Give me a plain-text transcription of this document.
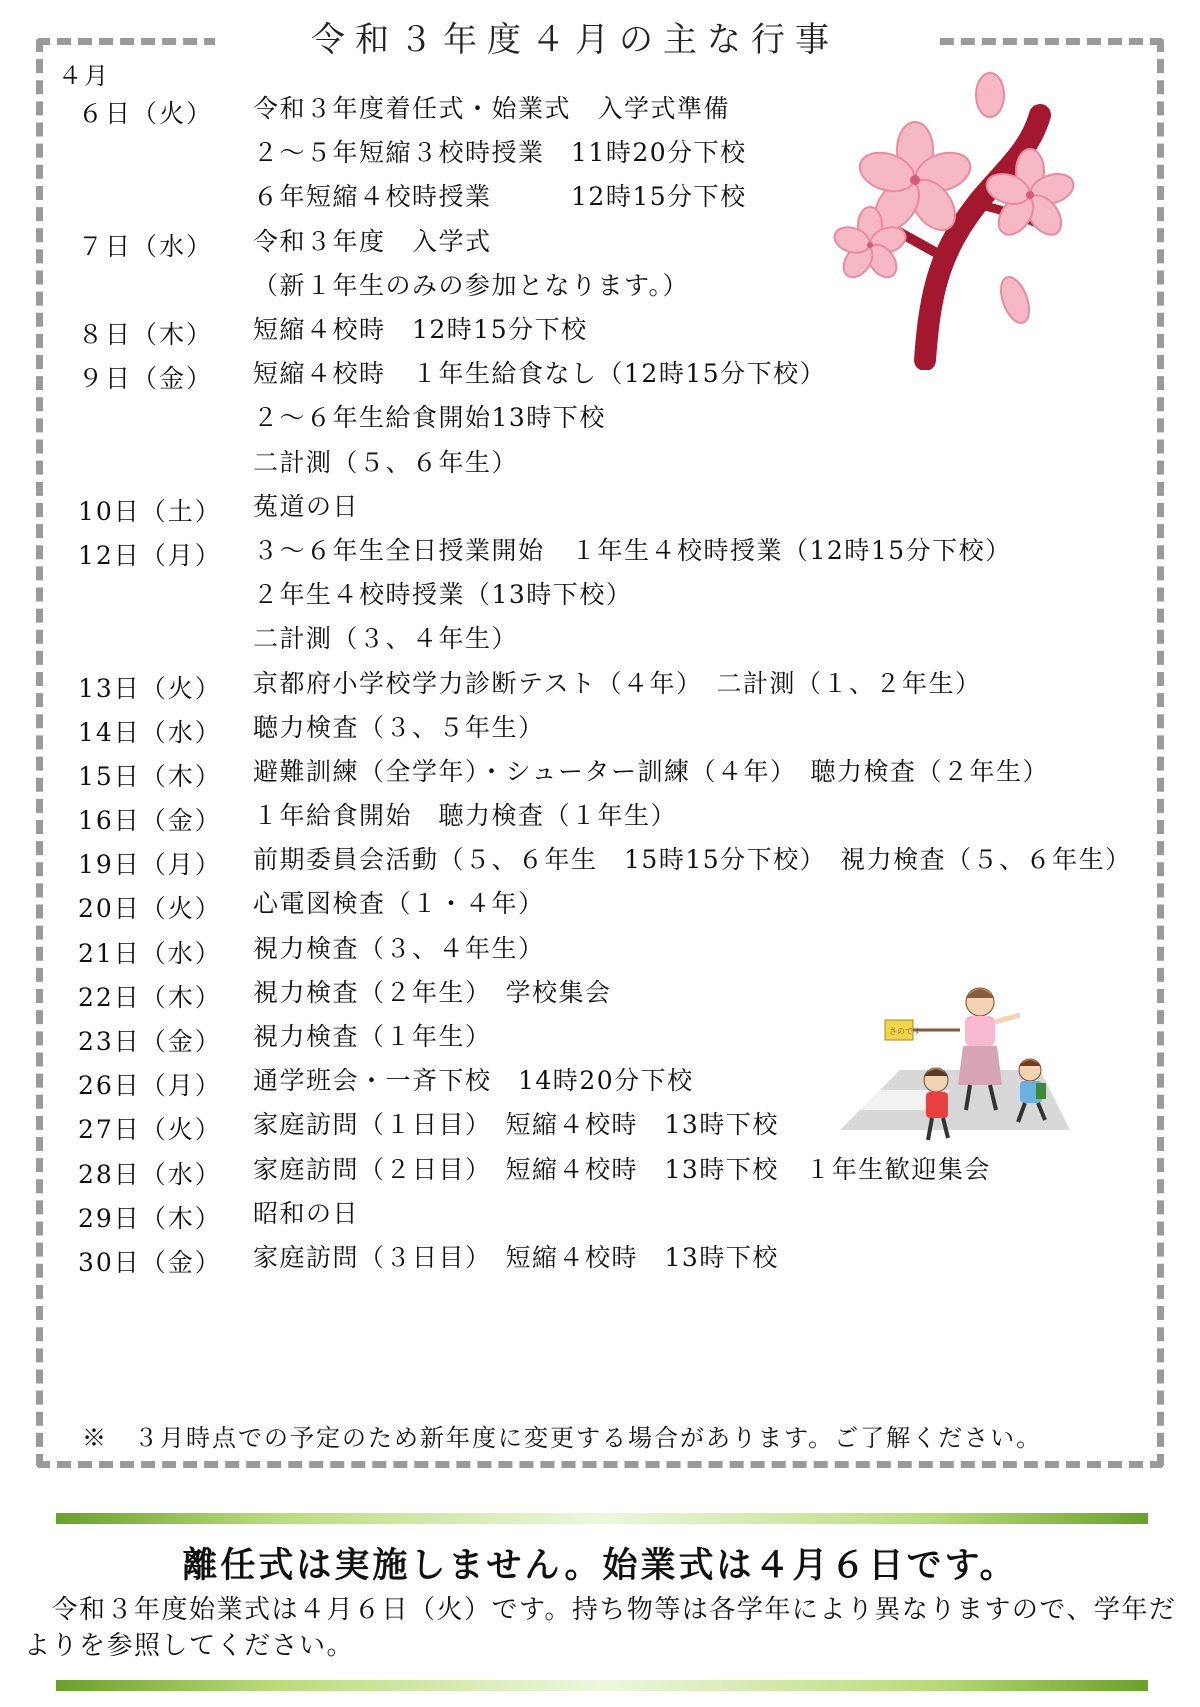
令和３年度４月の主な行事
４月
６日（火） 令和３年度着任式・始業式　入学式準備
２～５年短縮３校時授業　11時20分下校
６年短縮４校時授業　　　12時15分下校
７日（水） 令和３年度　入学式
（新１年生のみの参加となります。）
８日（木） 短縮４校時　12時15分下校
９日（金） 短縮４校時　１年生給食なし（12時15分下校）
２～６年生給食開始13時下校
二計測（５、６年生）
10日（土） 菟道の日
12日（月） ３～６年生全日授業開始　１年生４校時授業（12時15分下校）
２年生４校時授業（13時下校）
二計測（３、４年生）
13日（火） 京都府小学校学力診断テスト（４年）　二計測（１、２年生）
14日（水） 聴力検査（３、５年生）
15日（木） 避難訓練（全学年）・シューター訓練（４年）　聴力検査（２年生）
16日（金） １年給食開始　聴力検査（１年生）
19日（月） 前期委員会活動（５、６年生　15時15分下校）　視力検査（５、６年生）
20日（火） 心電図検査（１・４年）
21日（水） 視力検査（３、４年生）
22日（木） 視力検査（２年生）　学校集会
23日（金） 視力検査（１年生）
26日（月） 通学班会・一斉下校　14時20分下校
27日（火） 家庭訪問（１日目）　短縮４校時　13時下校
28日（水） 家庭訪問（２日目）　短縮４校時　13時下校　１年生歓迎集会
29日（木） 昭和の日
30日（金） 家庭訪問（３日目）　短縮４校時　13時下校
※　３月時点での予定のため新年度に変更する場合があります。ご了解ください。
離任式は実施しません。始業式は４月６日です。
　令和３年度始業式は４月６日（火）です。持ち物等は各学年により異なりますので、学年だよりを参照してください。
さのです
